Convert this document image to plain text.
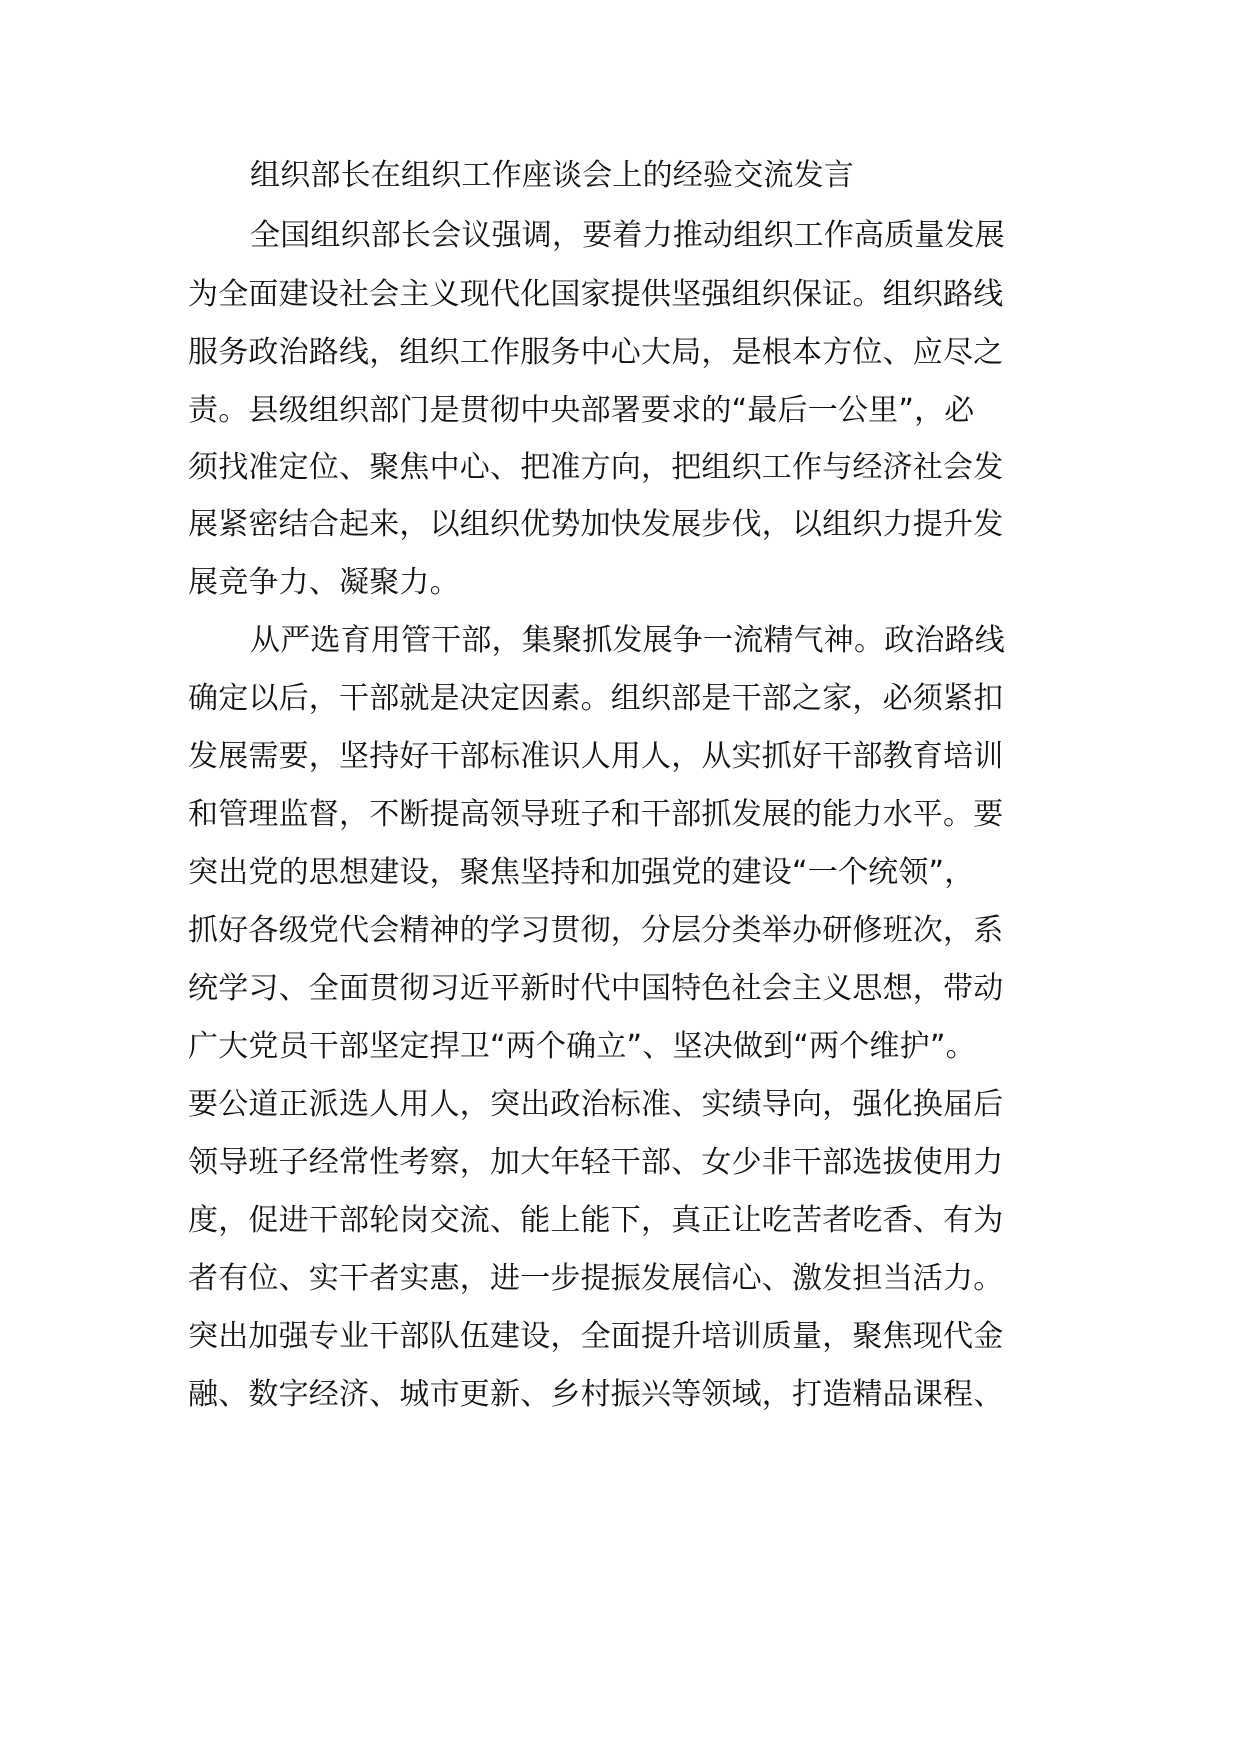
组织部长在组织工作座谈会上的经验交流发言
全国组织部长会议强调，要着力推动组织工作高质量发展
为全面建设社会主义现代化国家提供坚强组织保证。组织路线
服务政治路线，组织工作服务中心大局，是根本方位、应尽之
责。县级组织部门是贯彻中央部署要求的“最后一公里”，必
须找准定位、聚焦中心、把准方向，把组织工作与经济社会发
展紧密结合起来，以组织优势加快发展步伐，以组织力提升发
展竞争力、凝聚力。
从严选育用管干部，集聚抓发展争一流精气神。政治路线
确定以后，干部就是决定因素。组织部是干部之家，必须紧扣
发展需要，坚持好干部标准识人用人，从实抓好干部教育培训
和管理监督，不断提高领导班子和干部抓发展的能力水平。要
突出党的思想建设，聚焦坚持和加强党的建设“一个统领”，
抓好各级党代会精神的学习贯彻，分层分类举办研修班次，系
统学习、全面贯彻习近平新时代中国特色社会主义思想，带动
广大党员干部坚定捍卫“两个确立”、坚决做到“两个维护”。
要公道正派选人用人，突出政治标准、实绩导向，强化换届后
领导班子经常性考察，加大年轻干部、女少非干部选拔使用力
度，促进干部轮岗交流、能上能下，真正让吃苦者吃香、有为
者有位、实干者实惠，进一步提振发展信心、激发担当活力。
突出加强专业干部队伍建设，全面提升培训质量，聚焦现代金
融、数字经济、城市更新、乡村振兴等领域，打造精品课程、
